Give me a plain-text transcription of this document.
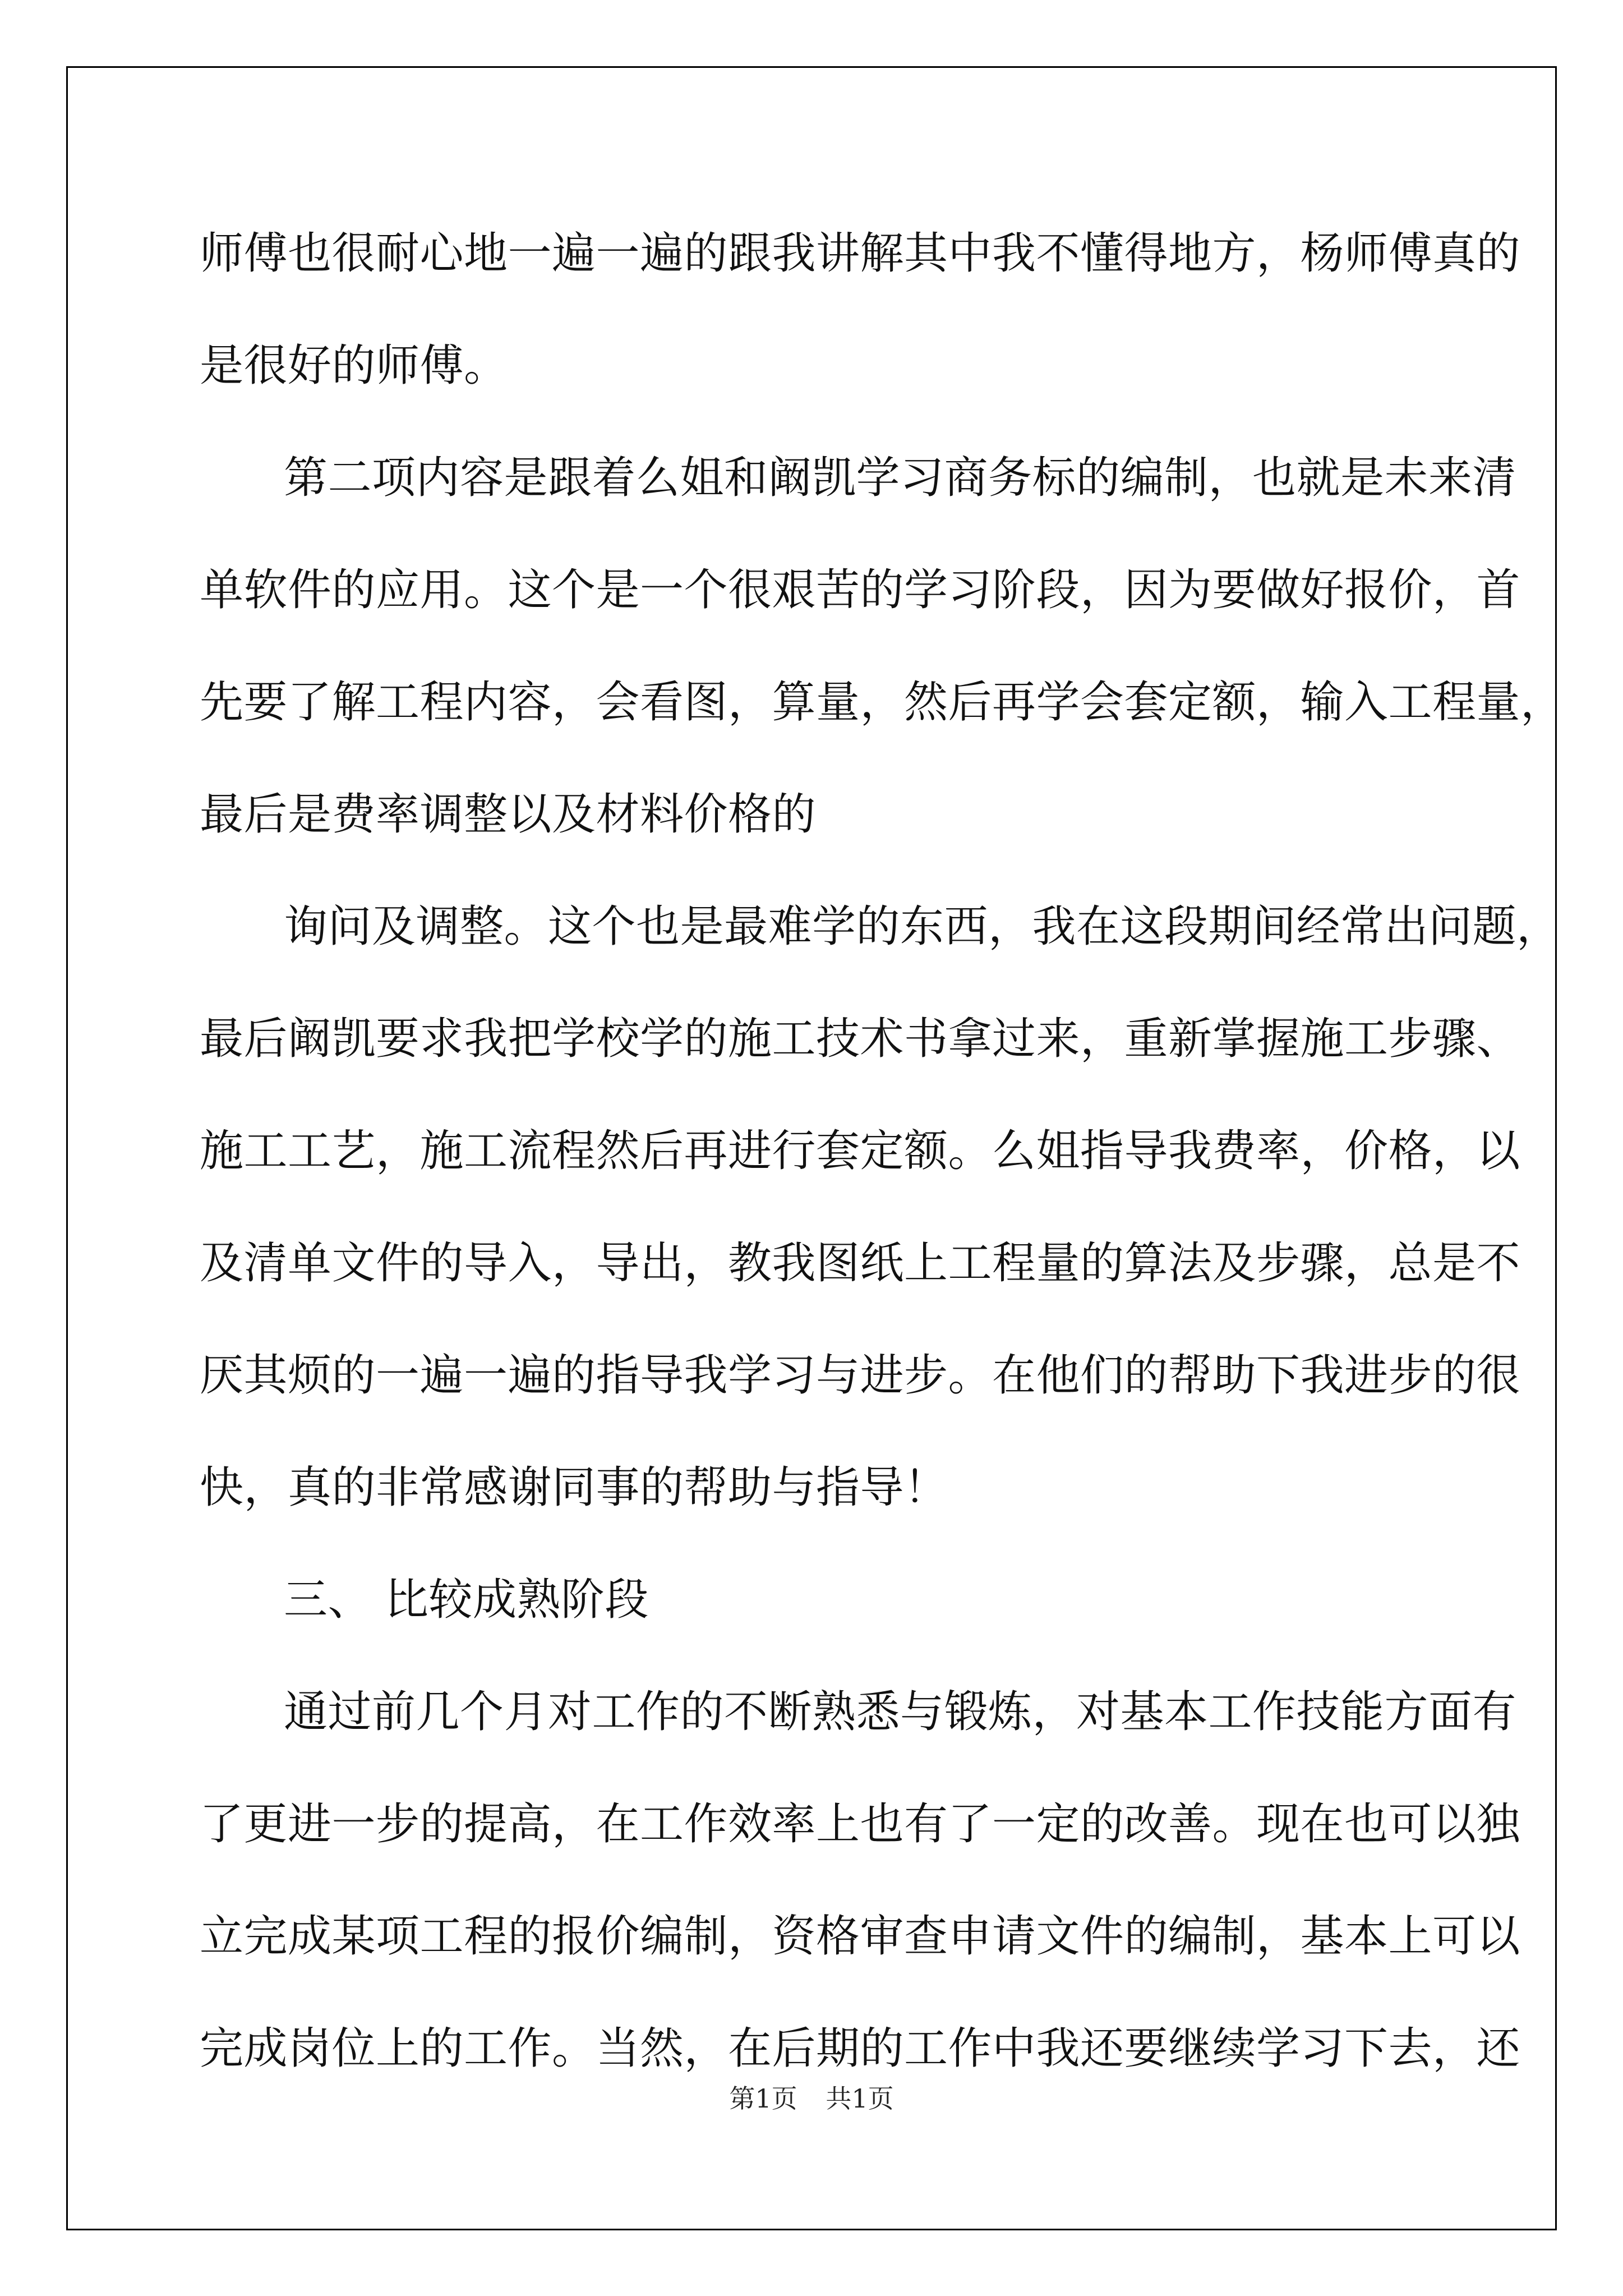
师傅也很耐心地一遍一遍的跟我讲解其中我不懂得地方，杨师傅真的
是很好的师傅。
第二项内容是跟着么姐和阚凯学习商务标的编制，也就是未来清
单软件的应用。这个是一个很艰苦的学习阶段，因为要做好报价，首
先要了解工程内容，会看图，算量，然后再学会套定额，输入工程量，
最后是费率调整以及材料价格的
询问及调整。这个也是最难学的东西，我在这段期间经常出问题，
最后阚凯要求我把学校学的施工技术书拿过来，重新掌握施工步骤、
施工工艺，施工流程然后再进行套定额。么姐指导我费率，价格，以
及清单文件的导入，导出，教我图纸上工程量的算法及步骤，总是不
厌其烦的一遍一遍的指导我学习与进步。在他们的帮助下我进步的很
快，真的非常感谢同事的帮助与指导！
三、 比较成熟阶段
通过前几个月对工作的不断熟悉与锻炼，对基本工作技能方面有
了更进一步的提高，在工作效率上也有了一定的改善。现在也可以独
立完成某项工程的报价编制，资格审查申请文件的编制，基本上可以
完成岗位上的工作。当然，在后期的工作中我还要继续学习下去，还
第1页 共1页
